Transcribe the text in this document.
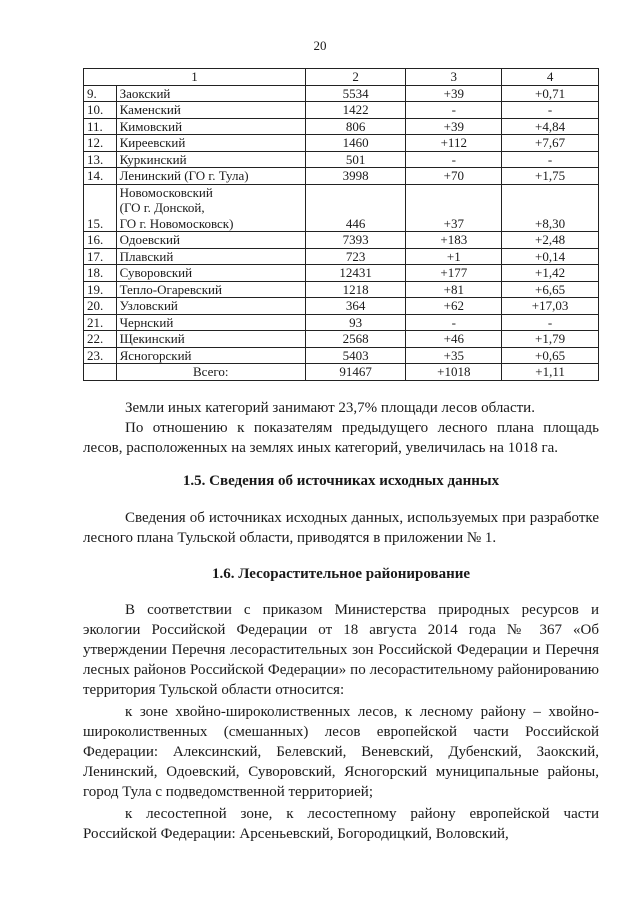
20
1		2	3	4
9.	Заокский	5534	+39	+0,71
10.	Каменский	1422	-	-
11.	Кимовский	806	+39	+4,84
12.	Киреевский	1460	+112	+7,67
13.	Куркинский	501	-	-
14.	Ленинский (ГО г. Тула)	3998	+70	+1,75
15.	Новомосковский
(ГО г. Донской,
ГО г. Новомосковск)	446	+37	+8,30
16.	Одоевский	7393	+183	+2,48
17.	Плавский	723	+1	+0,14
18.	Суворовский	12431	+177	+1,42
19.	Тепло-Огаревский	1218	+81	+6,65
20.	Узловский	364	+62	+17,03
21.	Чернский	93	-	-
22.	Щекинский	2568	+46	+1,79
23.	Ясногорский	5403	+35	+0,65
	Всего:	91467	+1018	+1,11

Земли иных категорий занимают 23,7% площади лесов области.

По отношению к показателям предыдущего лесного плана площадь лесов, расположенных на землях иных категорий, увеличилась на 1018 га.

1.5. Сведения об источниках исходных данных

Сведения об источниках исходных данных, используемых при разработке лесного плана Тульской области, приводятся в приложении № 1.

1.6. Лесорастительное районирование

В соответствии с приказом Министерства природных ресурсов и экологии Российской Федерации от 18 августа 2014 года № 367 «Об утверждении Перечня лесорастительных зон Российской Федерации и Перечня лесных районов Российской Федерации» по лесорастительному районированию территория Тульской области относится:

к зоне хвойно-широколиственных лесов, к лесному району – хвойно-широколиственных (смешанных) лесов европейской части Российской Федерации: Алексинский, Белевский, Веневский, Дубенский, Заокский, Ленинский, Одоевский, Суворовский, Ясногорский муниципальные районы, город Тула с подведомственной территорией;

к лесостепной зоне, к лесостепному району европейской части Российской Федерации: Арсеньевский, Богородицкий, Воловский,
